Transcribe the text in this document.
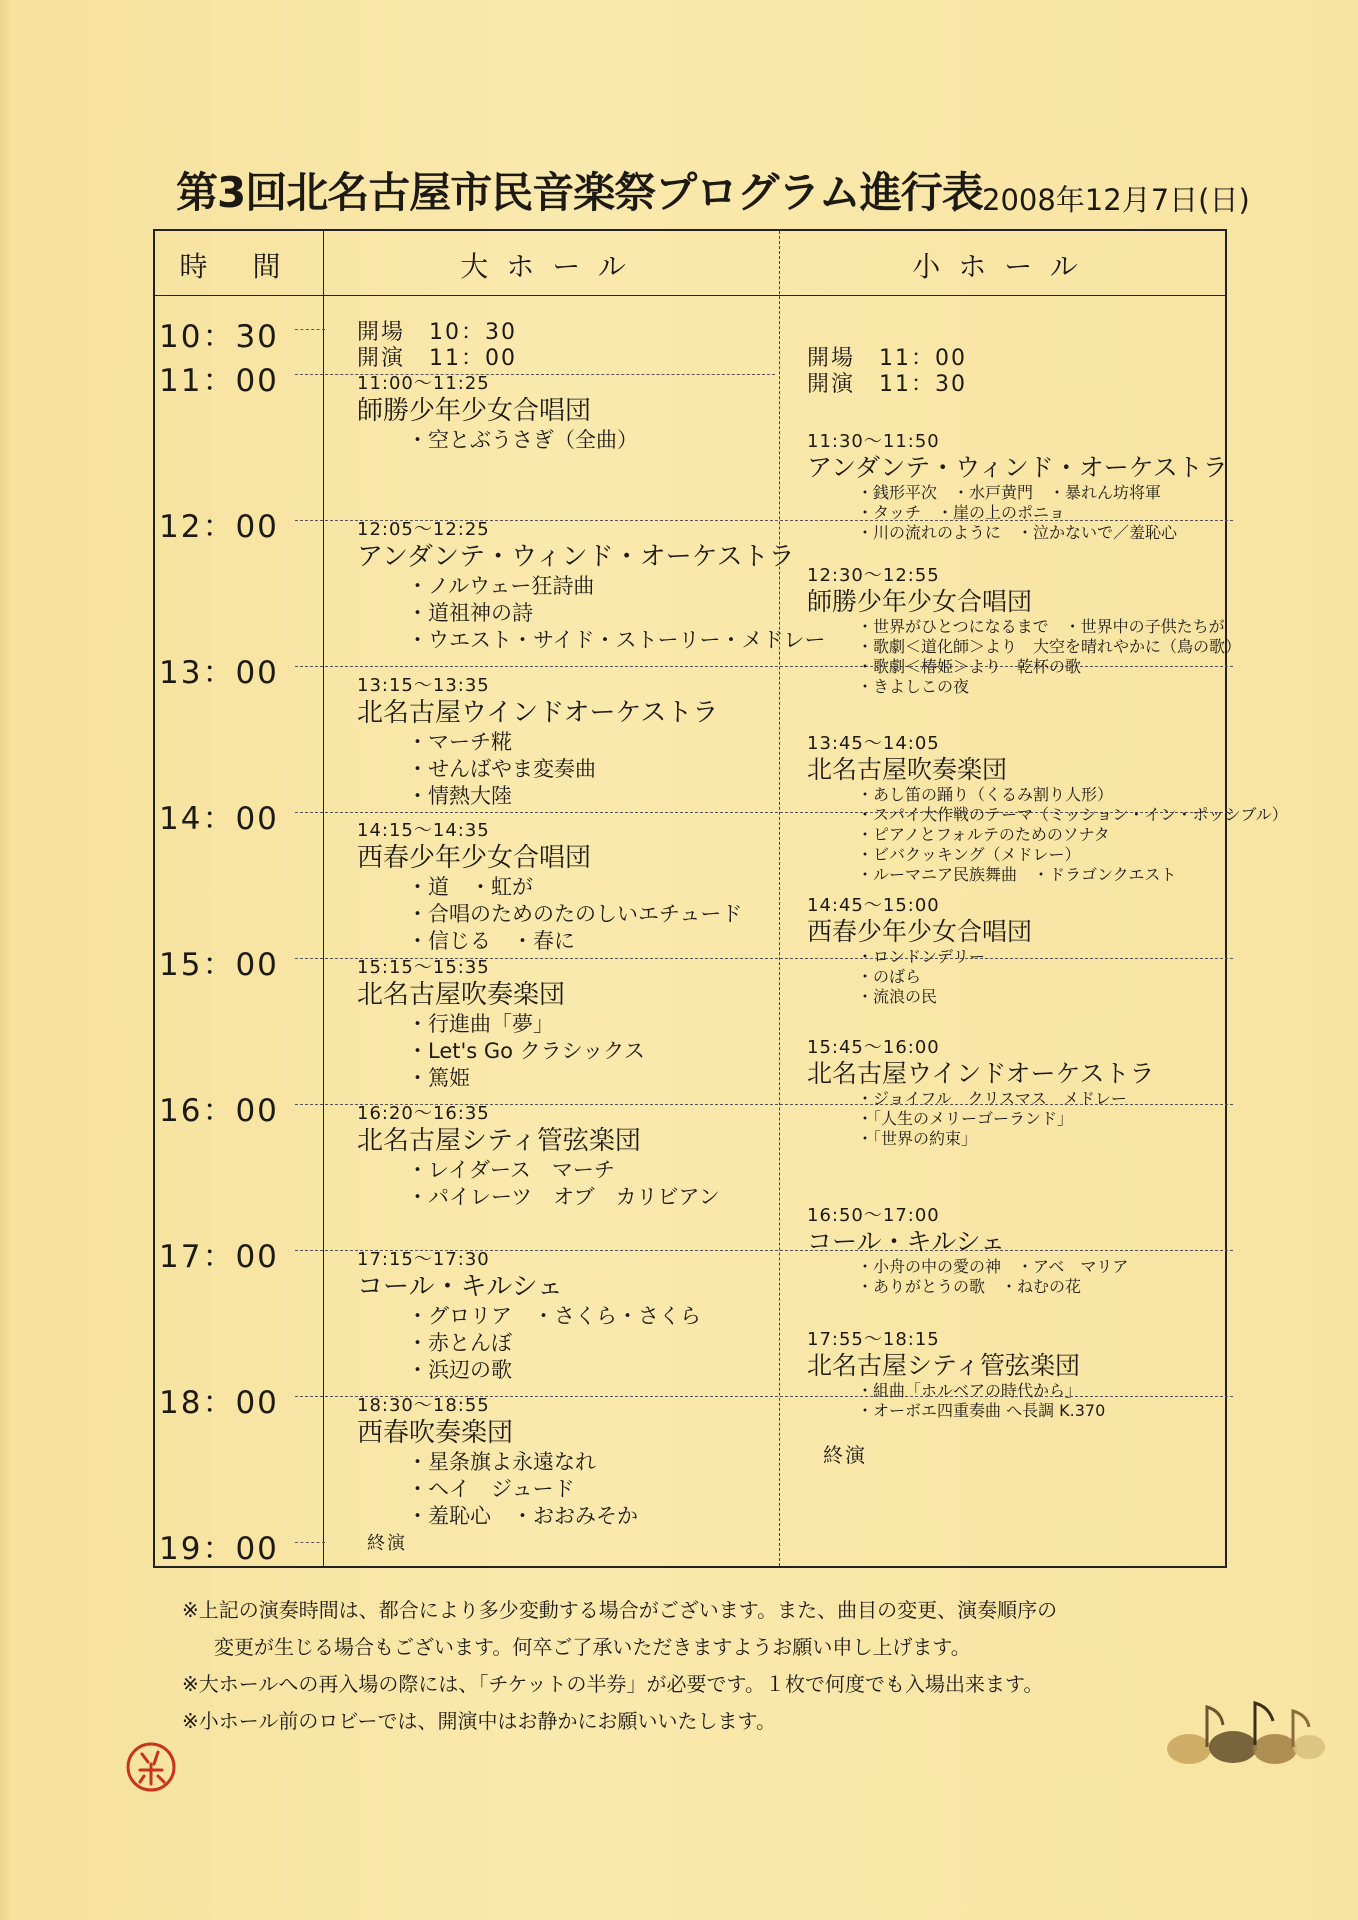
第3回北名古屋市民音楽祭プログラム進行表 2008年12月7日(日)
時 間	大ホール	小ホール
10：30
11：00
12：00
13：00
14：00
15：00
16：00
17：00
18：00
19：00
開場　10：30
開演　11：00
終演
11:00〜11:25
師勝少年少女合唱団
・空とぶうさぎ（全曲）
12:05〜12:25
アンダンテ・ウィンド・オーケストラ
・ノルウェー狂詩曲
・道祖神の詩
・ウエスト・サイド・ストーリー・メドレー
13:15〜13:35
北名古屋ウインドオーケストラ
・マーチ糀
・せんばやま変奏曲
・情熱大陸
14:15〜14:35
西春少年少女合唱団
・道　・虹が
・合唱のためのたのしいエチュード
・信じる　・春に
15:15〜15:35
北名古屋吹奏楽団
・行進曲「夢」
・Let's Go クラシックス
・篤姫
16:20〜16:35
北名古屋シティ管弦楽団
・レイダース　マーチ
・パイレーツ　オブ　カリビアン
17:15〜17:30
コール・キルシェ
・グロリア　・さくら・さくら
・赤とんぼ
・浜辺の歌
18:30〜18:55
西春吹奏楽団
・星条旗よ永遠なれ
・ヘイ　ジュード
・羞恥心　・おおみそか
開場　11：00
開演　11：30
11:30〜11:50
アンダンテ・ウィンド・オーケストラ
・銭形平次　・水戸黄門　・暴れん坊将軍
・タッチ　・崖の上のポニョ
・川の流れのように　・泣かないで／羞恥心
12:30〜12:55
師勝少年少女合唱団
・世界がひとつになるまで　・世界中の子供たちが
・歌劇＜道化師＞より　大空を晴れやかに（鳥の歌）
・歌劇＜椿姫＞より　乾杯の歌
・きよしこの夜
13:45〜14:05
北名古屋吹奏楽団
・あし笛の踊り（くるみ割り人形）
・スパイ大作戦のテーマ（ミッション・イン・ポッシブル）
・ピアノとフォルテのためのソナタ
・ビバクッキング（メドレー）
・ルーマニア民族舞曲　・ドラゴンクエスト
14:45〜15:00
西春少年少女合唱団
・ロンドンデリー
・のばら
・流浪の民
15:45〜16:00
北名古屋ウインドオーケストラ
・ジョイフル　クリスマス　メドレー
・「人生のメリーゴーランド」
・「世界の約束」
16:50〜17:00
コール・キルシェ
・小舟の中の愛の神　・アベ　マリア
・ありがとうの歌　・ねむの花
17:55〜18:15
北名古屋シティ管弦楽団
・組曲「ホルベアの時代から」
・オーボエ四重奏曲 へ長調 K.370
終演
※上記の演奏時間は、都合により多少変動する場合がございます。また、曲目の変更、演奏順序の
変更が生じる場合もございます。何卒ご了承いただきますようお願い申し上げます。
※大ホールへの再入場の際には、「チケットの半券」が必要です。１枚で何度でも入場出来ます。
※小ホール前のロビーでは、開演中はお静かにお願いいたします。
